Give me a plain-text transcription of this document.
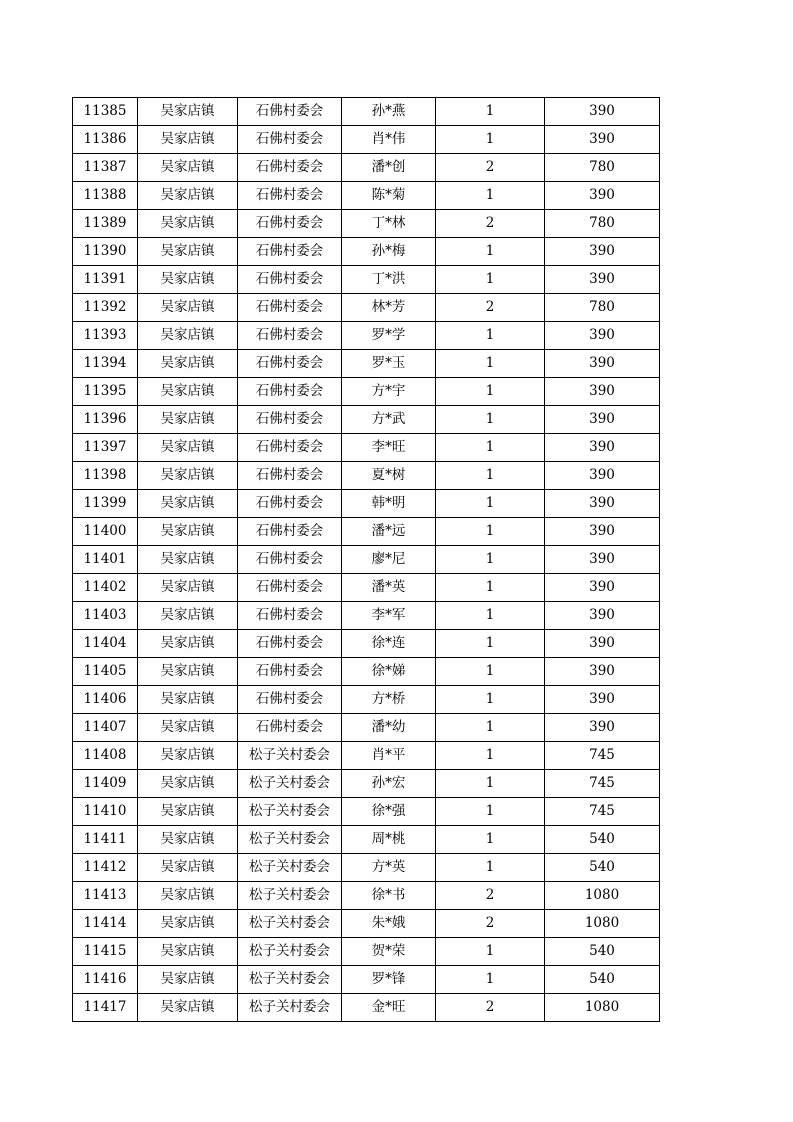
11385	吴家店镇	石佛村委会	孙*燕	1	390
11386	吴家店镇	石佛村委会	肖*伟	1	390
11387	吴家店镇	石佛村委会	潘*创	2	780
11388	吴家店镇	石佛村委会	陈*菊	1	390
11389	吴家店镇	石佛村委会	丁*林	2	780
11390	吴家店镇	石佛村委会	孙*梅	1	390
11391	吴家店镇	石佛村委会	丁*洪	1	390
11392	吴家店镇	石佛村委会	林*芳	2	780
11393	吴家店镇	石佛村委会	罗*学	1	390
11394	吴家店镇	石佛村委会	罗*玉	1	390
11395	吴家店镇	石佛村委会	方*宇	1	390
11396	吴家店镇	石佛村委会	方*武	1	390
11397	吴家店镇	石佛村委会	李*旺	1	390
11398	吴家店镇	石佛村委会	夏*树	1	390
11399	吴家店镇	石佛村委会	韩*明	1	390
11400	吴家店镇	石佛村委会	潘*远	1	390
11401	吴家店镇	石佛村委会	廖*尼	1	390
11402	吴家店镇	石佛村委会	潘*英	1	390
11403	吴家店镇	石佛村委会	李*军	1	390
11404	吴家店镇	石佛村委会	徐*连	1	390
11405	吴家店镇	石佛村委会	徐*娣	1	390
11406	吴家店镇	石佛村委会	方*桥	1	390
11407	吴家店镇	石佛村委会	潘*幼	1	390
11408	吴家店镇	松子关村委会	肖*平	1	745
11409	吴家店镇	松子关村委会	孙*宏	1	745
11410	吴家店镇	松子关村委会	徐*强	1	745
11411	吴家店镇	松子关村委会	周*桃	1	540
11412	吴家店镇	松子关村委会	方*英	1	540
11413	吴家店镇	松子关村委会	徐*书	2	1080
11414	吴家店镇	松子关村委会	朱*娥	2	1080
11415	吴家店镇	松子关村委会	贺*荣	1	540
11416	吴家店镇	松子关村委会	罗*锋	1	540
11417	吴家店镇	松子关村委会	金*旺	2	1080
